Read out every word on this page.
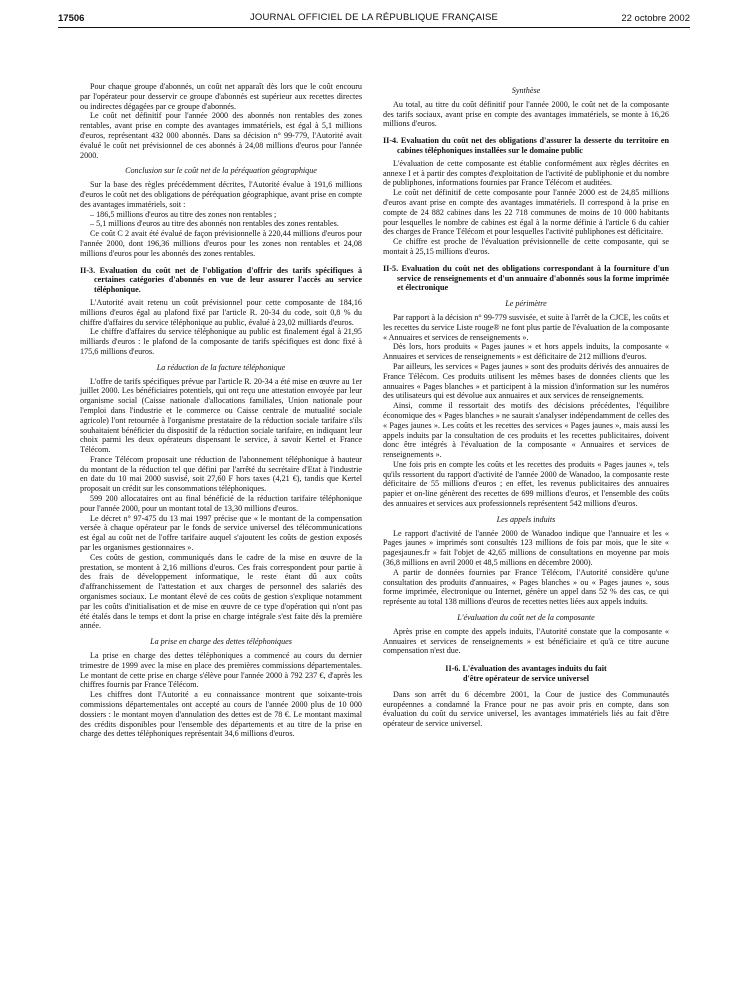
17506	JOURNAL OFFICIEL DE LA RÉPUBLIQUE FRANÇAISE	22 octobre 2002

Pour chaque groupe d'abonnés, un coût net apparaît dès lors que le coût encouru par l'opérateur pour desservir ce groupe d'abonnés est supérieur aux recettes directes ou indirectes dégagées par ce groupe d'abonnés.

Le coût net définitif pour l'année 2000 des abonnés non rentables des zones rentables, avant prise en compte des avantages immatériels, est égal à 5,1 millions d'euros, représentant 432 000 abonnés. Dans sa décision n° 99-779, l'Autorité avait évalué le coût net prévisionnel de ces abonnés à 24,08 millions d'euros pour l'année 2000.

Conclusion sur le coût net de la péréquation géographique

Sur la base des règles précédemment décrites, l'Autorité évalue à 191,6 millions d'euros le coût net des obligations de péréquation géographique, avant prise en compte des avantages immatériels, soit :

– 186,5 millions d'euros au titre des zones non rentables ;
– 5,1 millions d'euros au titre des abonnés non rentables des zones rentables.

Ce coût C 2 avait été évalué de façon prévisionnelle à 220,44 millions d'euros pour l'année 2000, dont 196,36 millions d'euros pour les zones non rentables et 24,08 millions d'euros pour les abonnés des zones rentables.

II-3. Evaluation du coût net de l'obligation d'offrir des tarifs spécifiques à certaines catégories d'abonnés en vue de leur assurer l'accès au service téléphonique.

L'Autorité avait retenu un coût prévisionnel pour cette composante de 184,16 millions d'euros égal au plafond fixé par l'article R. 20-34 du code, soit 0,8 % du chiffre d'affaires du service téléphonique au public, évalué à 23,02 milliards d'euros.

Le chiffre d'affaires du service téléphonique au public est finalement égal à 21,95 milliards d'euros : le plafond de la composante de tarifs spécifiques est donc fixé à 175,6 millions d'euros.

La réduction de la facture téléphonique

L'offre de tarifs spécifiques prévue par l'article R. 20-34 a été mise en œuvre au 1er juillet 2000. Les bénéficiaires potentiels, qui ont reçu une attestation envoyée par leur organisme social (Caisse nationale d'allocations familiales, Union nationale pour l'emploi dans l'industrie et le commerce ou Caisse centrale de mutualité sociale agricole) l'ont retournée à l'organisme prestataire de la réduction sociale tarifaire s'ils souhaitaient bénéficier du dispositif de la réduction sociale tarifaire, en indiquant leur choix parmi les deux opérateurs dispensant le service, à savoir Kertel et France Télécom.

France Télécom proposait une réduction de l'abonnement téléphonique à hauteur du montant de la réduction tel que défini par l'arrêté du secrétaire d'Etat à l'industrie en date du 10 mai 2000 susvisé, soit 27,60 F hors taxes (4,21 €), tandis que Kertel proposait un crédit sur les consommations téléphoniques.

599 200 allocataires ont au final bénéficié de la réduction tarifaire téléphonique pour l'année 2000, pour un montant total de 13,30 millions d'euros.

Le décret n° 97-475 du 13 mai 1997 précise que « le montant de la compensation versée à chaque opérateur par le fonds de service universel des télécommunications est égal au coût net de l'offre tarifaire auquel s'ajoutent les coûts de gestion exposés par les organismes gestionnaires ».

Ces coûts de gestion, communiqués dans le cadre de la mise en œuvre de la prestation, se montent à 2,16 millions d'euros. Ces frais correspondent pour partie à des frais de développement informatique, le reste étant dû aux coûts d'affranchissement de l'attestation et aux charges de personnel des salariés des organismes sociaux. Le montant élevé de ces coûts de gestion s'explique notamment par les coûts d'initialisation et de mise en œuvre de ce type d'opération qui n'ont pas été étalés dans le temps et dont la prise en charge intégrale s'est faite dès la première année.

La prise en charge des dettes téléphoniques

La prise en charge des dettes téléphoniques a commencé au cours du dernier trimestre de 1999 avec la mise en place des premières commissions départementales. Le montant de cette prise en charge s'élève pour l'année 2000 à 792 237 €, d'après les chiffres fournis par France Télécom.

Les chiffres dont l'Autorité a eu connaissance montrent que soixante-trois commissions départementales ont accepté au cours de l'année 2000 plus de 10 000 dossiers : le montant moyen d'annulation des dettes est de 78 €. Le montant maximal des crédits disponibles pour l'ensemble des départements et au titre de la prise en charge des dettes téléphoniques représentait 34,6 millions d'euros.

Synthèse

Au total, au titre du coût définitif pour l'année 2000, le coût net de la composante des tarifs sociaux, avant prise en compte des avantages immatériels, se monte à 16,26 millions d'euros.

II-4. Evaluation du coût net des obligations d'assurer la desserte du territoire en cabines téléphoniques installées sur le domaine public

L'évaluation de cette composante est établie conformément aux règles décrites en annexe I et à partir des comptes d'exploitation de l'activité de publiphonie et du nombre de publiphones, informations fournies par France Télécom et auditées.

Le coût net définitif de cette composante pour l'année 2000 est de 24,85 millions d'euros avant prise en compte des avantages immatériels. Il correspond à la prise en compte de 24 882 cabines dans les 22 718 communes de moins de 10 000 habitants pour lesquelles le nombre de cabines est égal à la norme définie à l'article 6 du cahier des charges de France Télécom et pour lesquelles l'activité publiphones est déficitaire.

Ce chiffre est proche de l'évaluation prévisionnelle de cette composante, qui se montait à 25,15 millions d'euros.

II-5. Evaluation du coût net des obligations correspondant à la fourniture d'un service de renseignements et d'un annuaire d'abonnés sous la forme imprimée et électronique
Le périmètre

Par rapport à la décision n° 99-779 susvisée, et suite à l'arrêt de la CJCE, les coûts et les recettes du service Liste rouge® ne font plus partie de l'évaluation de la composante « Annuaires et services de renseignements ».

Dès lors, hors produits « Pages jaunes » et hors appels induits, la composante « Annuaires et services de renseignements » est déficitaire de 212 millions d'euros.

Par ailleurs, les services « Pages jaunes » sont des produits dérivés des annuaires de France Télécom. Ces produits utilisent les mêmes bases de données clients que les annuaires « Pages blanches » et participent à la mission d'information sur les numéros des utilisateurs qui est dévolue aux annuaires et aux services de renseignements.

Ainsi, comme il ressortait des motifs des décisions précédentes, l'équilibre économique des « Pages blanches » ne saurait s'analyser indépendamment de celles des « Pages jaunes ». Les coûts et les recettes des services « Pages jaunes », mais aussi les appels induits par la consultation de ces produits et les recettes publicitaires, doivent donc être intégrés à l'évaluation de la composante « Annuaires et services de renseignements ».

Une fois pris en compte les coûts et les recettes des produits « Pages jaunes », tels qu'ils ressortent du rapport d'activité de l'année 2000 de Wanadoo, la composante reste déficitaire de 55 millions d'euros ; en effet, les revenus publicitaires des annuaires papier et on-line génèrent des recettes de 699 millions d'euros, et l'ensemble des coûts des annuaires et services aux professionnels représentent 542 millions d'euros.

Les appels induits

Le rapport d'activité de l'année 2000 de Wanadoo indique que l'annuaire et les « Pages jaunes » imprimés sont consultés 123 millions de fois par mois, que le site « pagesjaunes.fr » fait l'objet de 42,65 millions de consultations en moyenne par mois (36,8 millions en avril 2000 et 48,5 millions en décembre 2000).

A partir de données fournies par France Télécom, l'Autorité considère qu'une consultation des produits d'annuaires, « Pages blanches » ou « Pages jaunes », sous forme imprimée, électronique ou Internet, génère un appel dans 52 % des cas, ce qui représente au total 138 millions d'euros de recettes nettes liées aux appels induits.

L'évaluation du coût net de la composante

Après prise en compte des appels induits, l'Autorité constate que la composante « Annuaires et services de renseignements » est bénéficiaire et qu'à ce titre aucune compensation n'est due.

II-6. L'évaluation des avantages induits du fait
d'être opérateur de service universel

Dans son arrêt du 6 décembre 2001, la Cour de justice des Communautés européennes a condamné la France pour ne pas avoir pris en compte, dans son évaluation du coût du service universel, les avantages immatériels liés au fait d'être opérateur de service universel.
